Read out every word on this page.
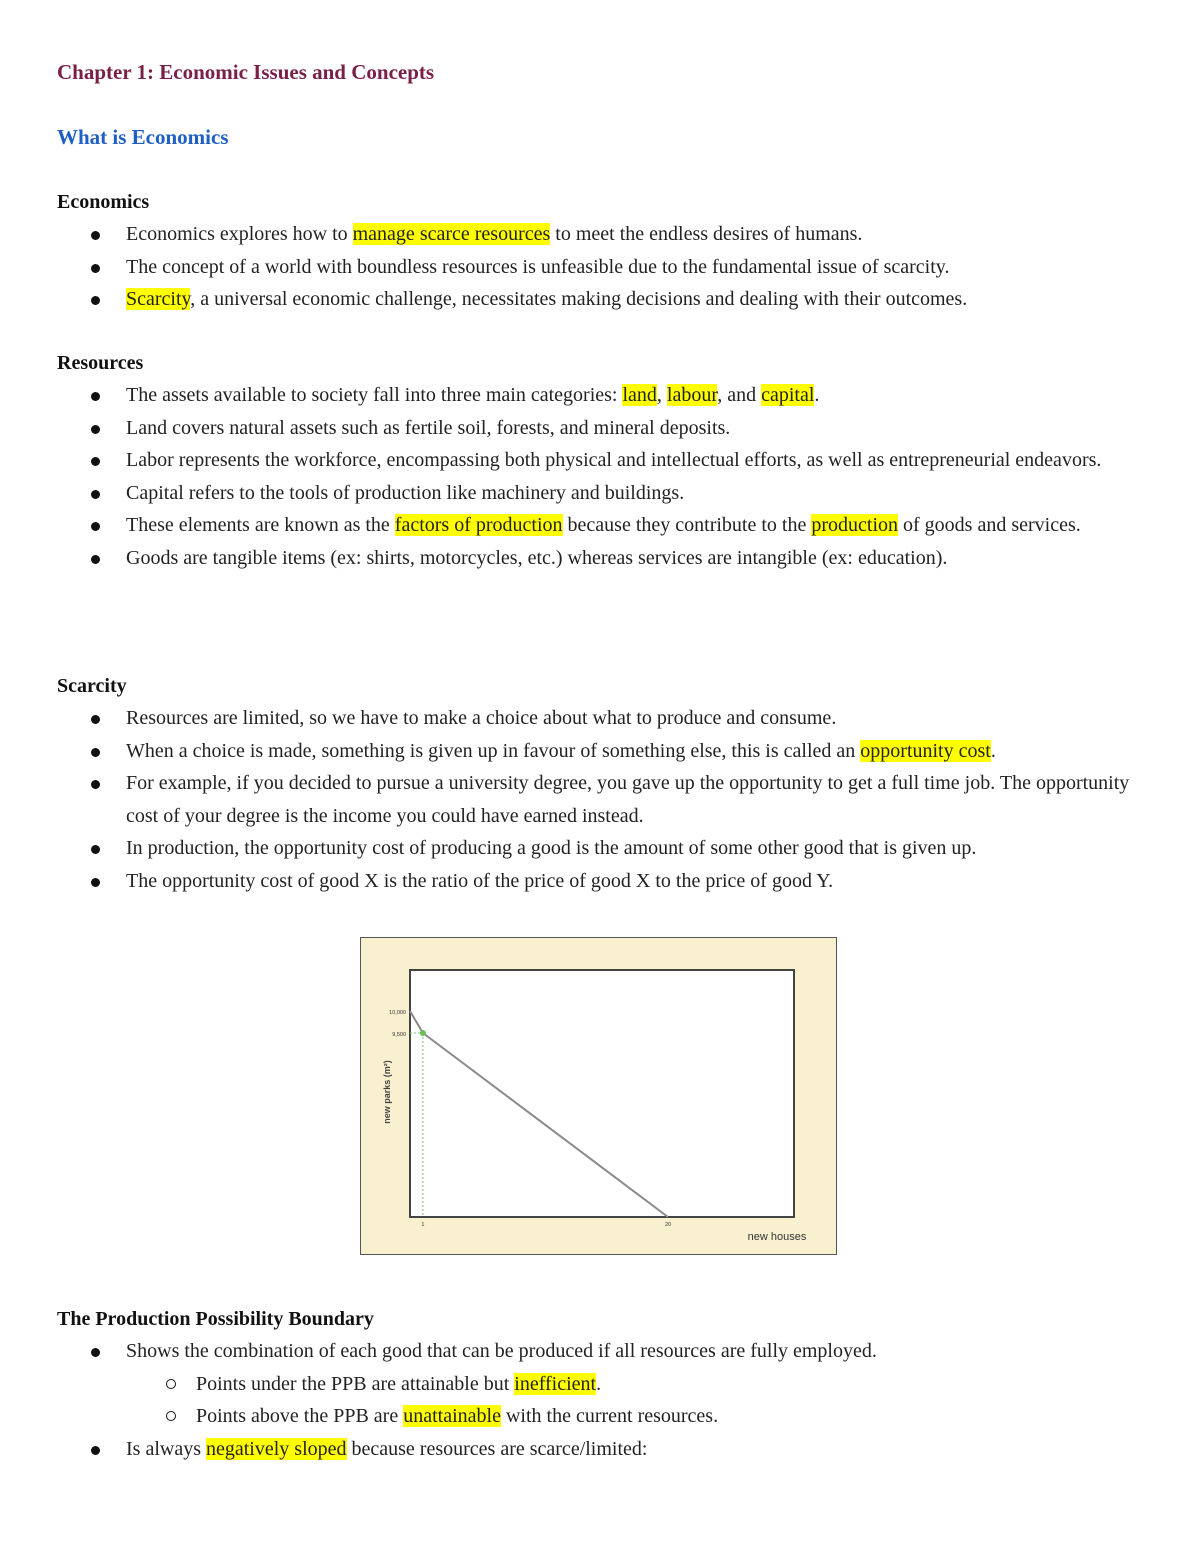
Chapter 1: Economic Issues and Concepts
What is Economics
Economics
Economics explores how to manage scarce resources to meet the endless desires of humans.
The concept of a world with boundless resources is unfeasible due to the fundamental issue of scarcity.
Scarcity, a universal economic challenge, necessitates making decisions and dealing with their outcomes.
Resources
The assets available to society fall into three main categories: land, labour, and capital.
Land covers natural assets such as fertile soil, forests, and mineral deposits.
Labor represents the workforce, encompassing both physical and intellectual efforts, as well as entrepreneurial endeavors.
Capital refers to the tools of production like machinery and buildings.
These elements are known as the factors of production because they contribute to the production of goods and services.
Goods are tangible items (ex: shirts, motorcycles, etc.) whereas services are intangible (ex: education).
Scarcity
Resources are limited, so we have to make a choice about what to produce and consume.
When a choice is made, something is given up in favour of something else, this is called an opportunity cost.
For example, if you decided to pursue a university degree, you gave up the opportunity to get a full time job. The opportunity cost of your degree is the income you could have earned instead.
In production, the opportunity cost of producing a good is the amount of some other good that is given up.
The opportunity cost of good X is the ratio of the price of good X to the price of good Y.
10,000
9,500
1	20
new houses
new parks (m²)
The Production Possibility Boundary
Shows the combination of each good that can be produced if all resources are fully employed.
Points under the PPB are attainable but inefficient.
Points above the PPB are unattainable with the current resources.
Is always negatively sloped because resources are scarce/limited:
